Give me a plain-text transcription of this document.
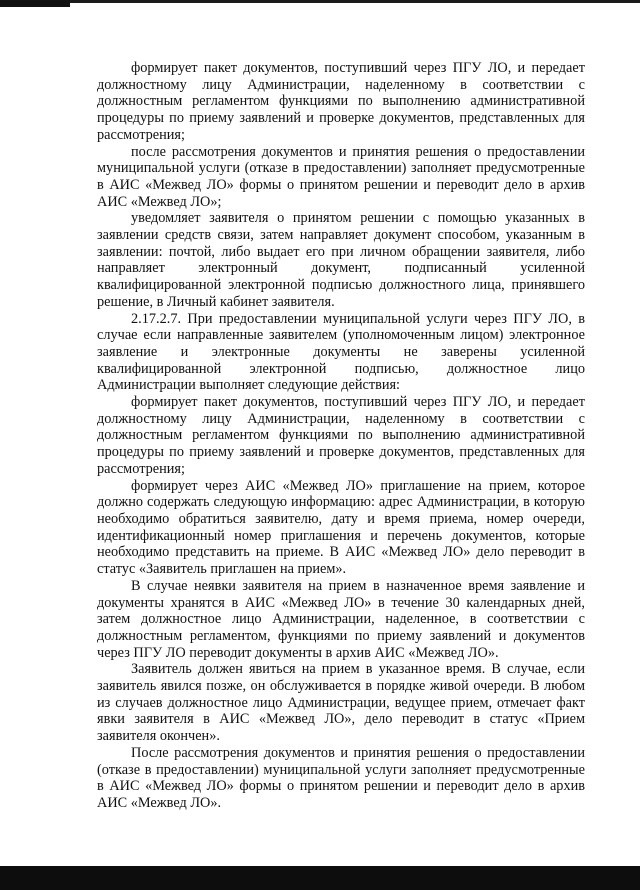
формирует пакет документов, поступивший через ПГУ ЛО, и передает должностному лицу Администрации, наделенному в соответствии с должностным регламентом функциями по выполнению административной процедуры по приему заявлений и проверке документов, представленных для рассмотрения;

после рассмотрения документов и принятия решения о предоставлении муниципальной услуги (отказе в предоставлении) заполняет предусмотренные в АИС «Межвед ЛО» формы о принятом решении и переводит дело в архив АИС «Межвед ЛО»;

уведомляет заявителя о принятом решении с помощью указанных в заявлении средств связи, затем направляет документ способом, указанным в заявлении: почтой, либо выдает его при личном обращении заявителя, либо направляет электронный документ, подписанный усиленной квалифицированной электронной подписью должностного лица, принявшего решение, в Личный кабинет заявителя.

2.17.2.7. При предоставлении муниципальной услуги через ПГУ ЛО, в случае если направленные заявителем (уполномоченным лицом) электронное заявление и электронные документы не заверены усиленной квалифицированной электронной подписью, должностное лицо Администрации выполняет следующие действия:

формирует пакет документов, поступивший через ПГУ ЛО, и передает должностному лицу Администрации, наделенному в соответствии с должностным регламентом функциями по выполнению административной процедуры по приему заявлений и проверке документов, представленных для рассмотрения;

формирует через АИС «Межвед ЛО» приглашение на прием, которое должно содержать следующую информацию: адрес Администрации, в которую необходимо обратиться заявителю, дату и время приема, номер очереди, идентификационный номер приглашения и перечень документов, которые необходимо представить на приеме. В АИС «Межвед ЛО» дело переводит в статус «Заявитель приглашен на прием».

В случае неявки заявителя на прием в назначенное время заявление и документы хранятся в АИС «Межвед ЛО» в течение 30 календарных дней, затем должностное лицо Администрации, наделенное, в соответствии с должностным регламентом, функциями по приему заявлений и документов через ПГУ ЛО переводит документы в архив АИС «Межвед ЛО».

Заявитель должен явиться на прием в указанное время. В случае, если заявитель явился позже, он обслуживается в порядке живой очереди. В любом из случаев должностное лицо Администрации, ведущее прием, отмечает факт явки заявителя в АИС «Межвед ЛО», дело переводит в статус «Прием заявителя окончен».

После рассмотрения документов и принятия решения о предоставлении (отказе в предоставлении) муниципальной услуги заполняет предусмотренные в АИС «Межвед ЛО» формы о принятом решении и переводит дело в архив АИС «Межвед ЛО».
